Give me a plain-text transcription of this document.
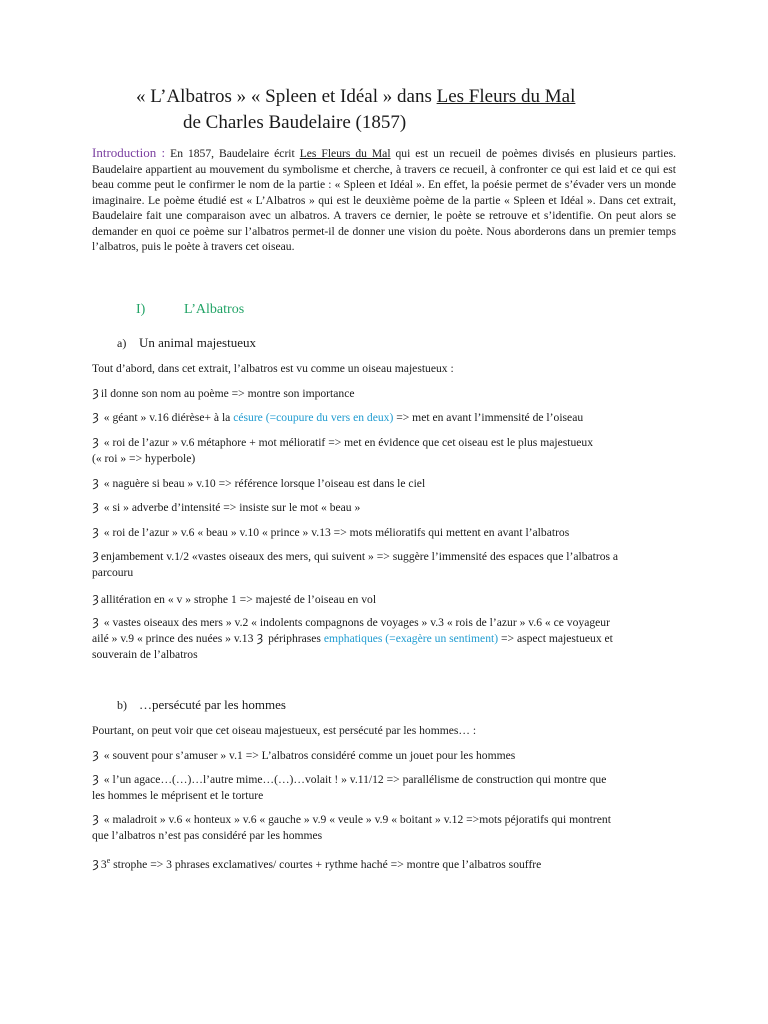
« L’Albatros » « Spleen et Idéal » dans Les Fleurs du Mal
de Charles Baudelaire (1857)
Introduction : En 1857, Baudelaire écrit Les Fleurs du Mal qui est un recueil de poèmes divisés en plusieurs parties. Baudelaire appartient au mouvement du symbolisme et cherche, à travers ce recueil, à confronter ce qui est laid et ce qui est beau comme peut le confirmer le nom de la partie : « Spleen et Idéal ». En effet, la poésie permet de s’évader vers un monde imaginaire. Le poème étudié est « L’Albatros » qui est le deuxième poème de la partie « Spleen et Idéal ». Dans cet extrait, Baudelaire fait une comparaison avec un albatros. A travers ce dernier, le poète se retrouve et s’identifie. On peut alors se demander en quoi ce poème sur l’albatros permet-il de donner une vision du poète. Nous aborderons dans un premier temps l’albatros, puis le poète à travers cet oiseau.
I)	L’Albatros
a) Un animal majestueux
Tout d’abord, dans cet extrait, l’albatros est vu comme un oiseau majestueux :
Ȝ il donne son nom au poème => montre son importance
Ȝ « géant » v.16 diérèse+ à la césure (=coupure du vers en deux) => met en avant l’immensité de l’oiseau
Ȝ « roi de l’azur » v.6 métaphore + mot mélioratif => met en évidence que cet oiseau est le plus majestueux
(« roi » => hyperbole)
Ȝ « naguère si beau » v.10 => référence lorsque l’oiseau est dans le ciel
Ȝ « si » adverbe d’intensité => insiste sur le mot « beau »
Ȝ « roi de l’azur » v.6 « beau » v.10 « prince » v.13 => mots mélioratifs qui mettent en avant l’albatros
Ȝ enjambement v.1/2 «vastes oiseaux des mers, qui suivent » => suggère l’immensité des espaces que l’albatros a
parcouru
Ȝ allitération en « v » strophe 1 => majesté de l’oiseau en vol
Ȝ « vastes oiseaux des mers » v.2 « indolents compagnons de voyages » v.3 « rois de l’azur » v.6 « ce voyageur
ailé » v.9 « prince des nuées » v.13 Ȝ périphrases emphatiques (=exagère un sentiment) => aspect majestueux et
souverain de l’albatros
b) …persécuté par les hommes
Pourtant, on peut voir que cet oiseau majestueux, est persécuté par les hommes… :
Ȝ « souvent pour s’amuser » v.1 => L’albatros considéré comme un jouet pour les hommes
Ȝ « l’un agace…(…)…l’autre mime…(…)…volait ! » v.11/12 => parallélisme de construction qui montre que
les hommes le méprisent et le torture
Ȝ « maladroit » v.6 « honteux » v.6 « gauche » v.9 « veule » v.9 « boitant » v.12 =>mots péjoratifs qui montrent
que l’albatros n’est pas considéré par les hommes
Ȝ 3e strophe => 3 phrases exclamatives/ courtes + rythme haché => montre que l’albatros souffre
